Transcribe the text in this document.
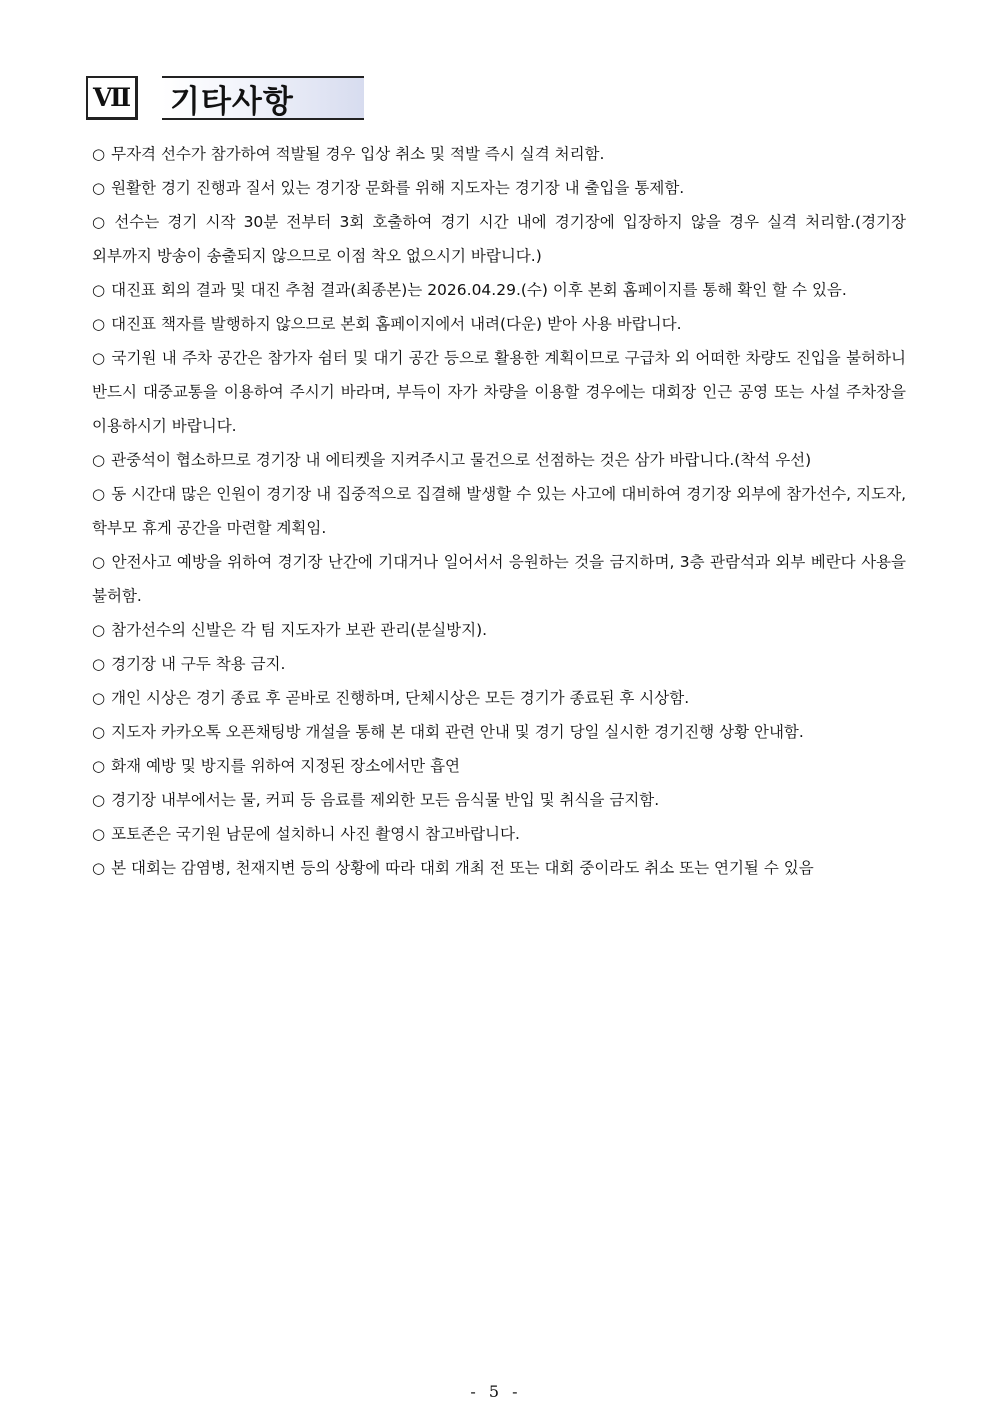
Ⅶ 기타사항

○ 무자격 선수가 참가하여 적발될 경우 입상 취소 및 적발 즉시 실격 처리함.

○ 원활한 경기 진행과 질서 있는 경기장 문화를 위해 지도자는 경기장 내 출입을 통제함.

○ 선수는 경기 시작 30분 전부터 3회 호출하여 경기 시간 내에 경기장에 입장하지 않을 경우 실격 처리함.(경기장 외부까지 방송이 송출되지 않으므로 이점 착오 없으시기 바랍니다.)

○ 대진표 회의 결과 및 대진 추첨 결과(최종본)는 2026.04.29.(수) 이후 본회 홈페이지를 통해 확인 할 수 있음.

○ 대진표 책자를 발행하지 않으므로 본회 홈페이지에서 내려(다운) 받아 사용 바랍니다.

○ 국기원 내 주차 공간은 참가자 쉼터 및 대기 공간 등으로 활용한 계획이므로 구급차 외 어떠한 차량도 진입을 불허하니 반드시 대중교통을 이용하여 주시기 바라며, 부득이 자가 차량을 이용할 경우에는 대회장 인근 공영 또는 사설 주차장을 이용하시기 바랍니다.

○ 관중석이 협소하므로 경기장 내 에티켓을 지켜주시고 물건으로 선점하는 것은 삼가 바랍니다.(착석 우선)

○ 동 시간대 많은 인원이 경기장 내 집중적으로 집결해 발생할 수 있는 사고에 대비하여 경기장 외부에 참가선수, 지도자, 학부모 휴게 공간을 마련할 계획임.

○ 안전사고 예방을 위하여 경기장 난간에 기대거나 일어서서 응원하는 것을 금지하며, 3층 관람석과 외부 베란다 사용을 불허함.

○ 참가선수의 신발은 각 팀 지도자가 보관 관리(분실방지).

○ 경기장 내 구두 착용 금지.

○ 개인 시상은 경기 종료 후 곧바로 진행하며, 단체시상은 모든 경기가 종료된 후 시상함.

○ 지도자 카카오톡 오픈채팅방 개설을 통해 본 대회 관련 안내 및 경기 당일 실시한 경기진행 상황 안내함.

○ 화재 예방 및 방지를 위하여 지정된 장소에서만 흡연

○ 경기장 내부에서는 물, 커피 등 음료를 제외한 모든 음식물 반입 및 취식을 금지함.

○ 포토존은 국기원 남문에 설치하니 사진 촬영시 참고바랍니다.

○ 본 대회는 감염병, 천재지변 등의 상황에 따라 대회 개최 전 또는 대회 중이라도 취소 또는 연기될 수 있음

- 5 -
